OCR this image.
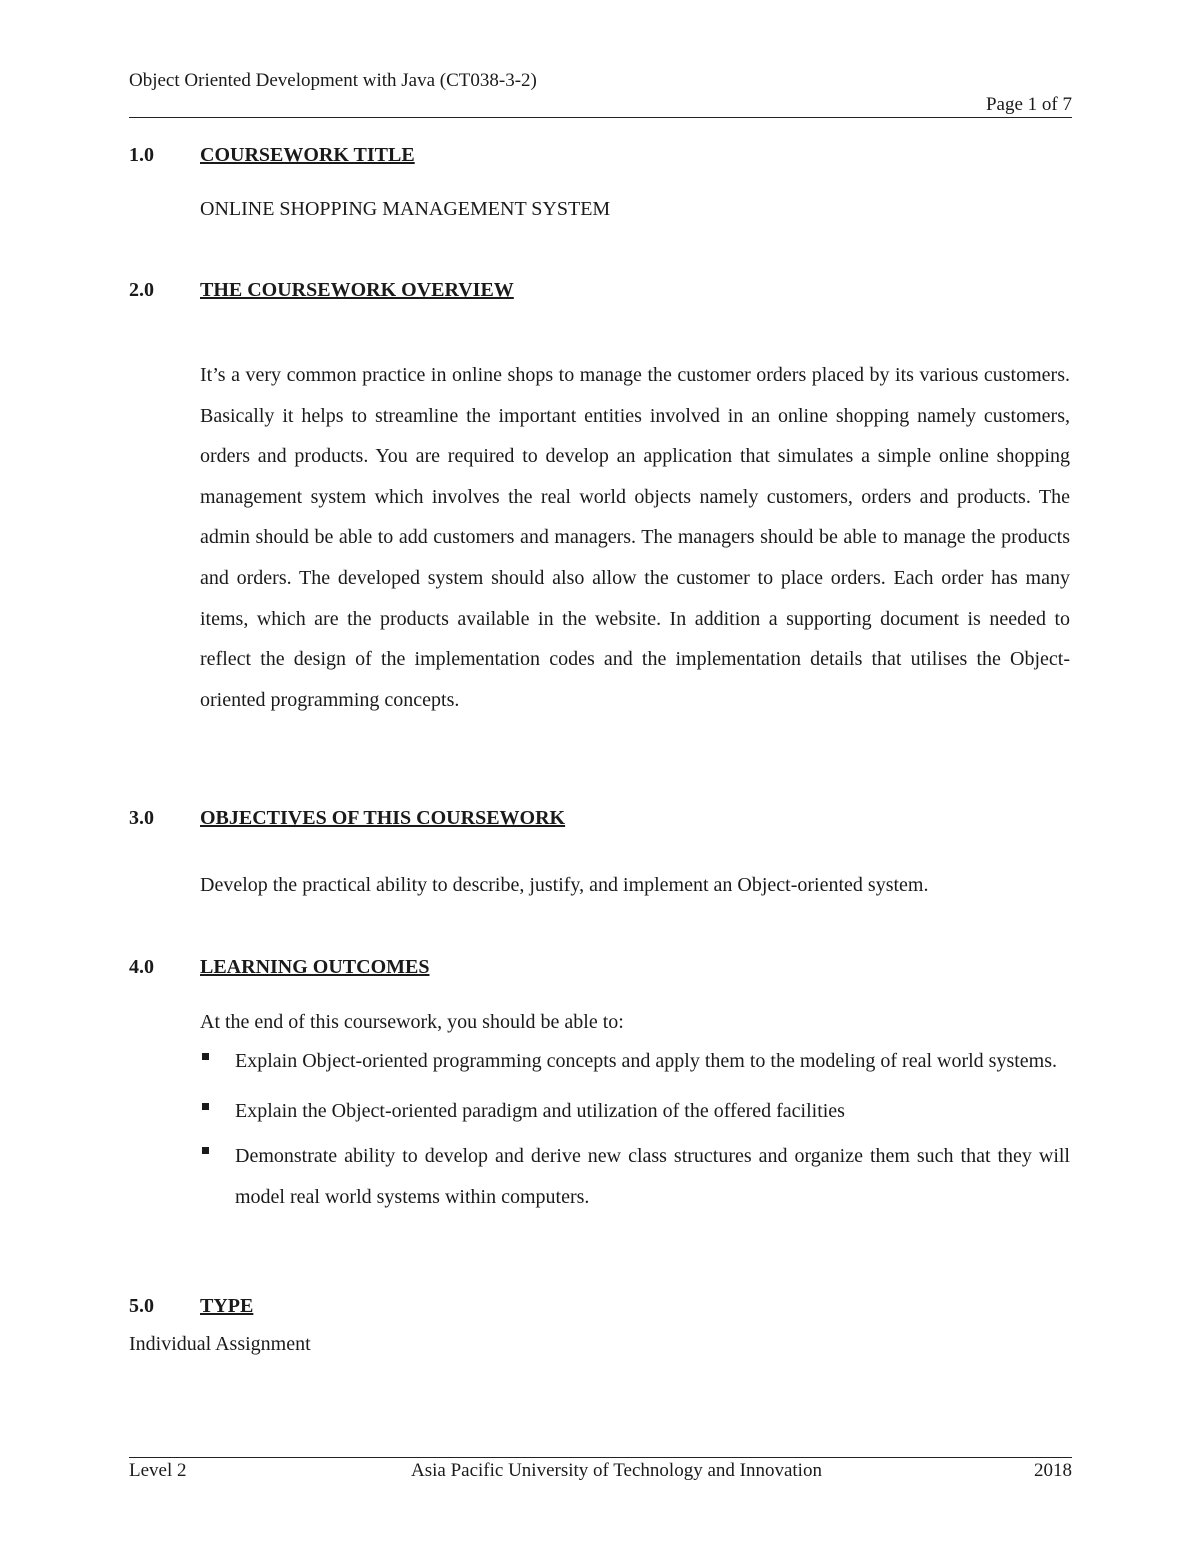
Object Oriented Development with Java (CT038-3-2)
Page 1 of 7
1.0 COURSEWORK TITLE
ONLINE SHOPPING MANAGEMENT SYSTEM
2.0 THE COURSEWORK OVERVIEW

It’s a very common practice in online shops to manage the customer orders placed by its various customers. Basically it helps to streamline the important entities involved in an online shopping namely customers, orders and products. You are required to develop an application that simulates a simple online shopping management system which involves the real world objects namely customers, orders and products. The admin should be able to add customers and managers. The managers should be able to manage the products and orders. The developed system should also allow the customer to place orders. Each order has many items, which are the products available in the website. In addition a supporting document is needed to reflect the design of the implementation codes and the implementation details that utilises the Object-oriented programming concepts.

3.0 OBJECTIVES OF THIS COURSEWORK
Develop the practical ability to describe, justify, and implement an Object-oriented system.
4.0 LEARNING OUTCOMES
At the end of this coursework, you should be able to:
Explain Object-oriented programming concepts and apply them to the modeling of real world systems.
Explain the Object-oriented paradigm and utilization of the offered facilities
Demonstrate ability to develop and derive new class structures and organize them such that they will model real world systems within computers.
5.0 TYPE
Individual Assignment
Level 2	Asia Pacific University of Technology and Innovation	2018
